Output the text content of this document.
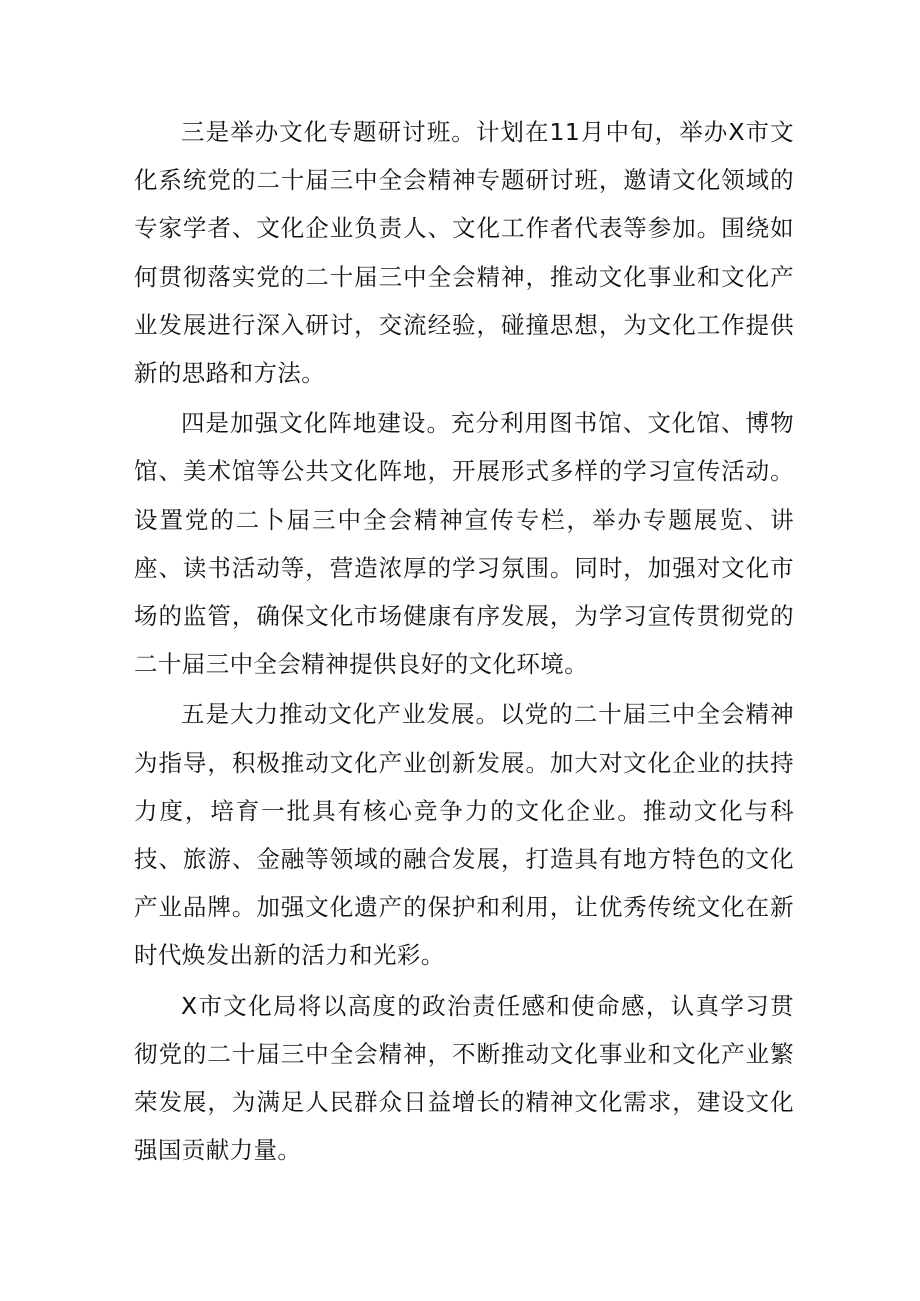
三是举办文化专题研讨班。计划在11月中旬，举办X市文化系统党的二十届三中全会精神专题研讨班，邀请文化领域的专家学者、文化企业负责人、文化工作者代表等参加。围绕如何贯彻落实党的二十届三中全会精神，推动文化事业和文化产业发展进行深入研讨，交流经验，碰撞思想，为文化工作提供新的思路和方法。

四是加强文化阵地建设。充分利用图书馆、文化馆、博物馆、美术馆等公共文化阵地，开展形式多样的学习宣传活动。设置党的二卜届三中全会精神宣传专栏，举办专题展览、讲座、读书活动等，营造浓厚的学习氛围。同时，加强对文化市场的监管，确保文化市场健康有序发展，为学习宣传贯彻党的二十届三中全会精神提供良好的文化环境。

五是大力推动文化产业发展。以党的二十届三中全会精神为指导，积极推动文化产业创新发展。加大对文化企业的扶持力度，培育一批具有核心竞争力的文化企业。推动文化与科技、旅游、金融等领域的融合发展，打造具有地方特色的文化产业品牌。加强文化遗产的保护和利用，让优秀传统文化在新时代焕发出新的活力和光彩。

X市文化局将以高度的政治责任感和使命感，认真学习贯彻党的二十届三中全会精神，不断推动文化事业和文化产业繁荣发展，为满足人民群众日益增长的精神文化需求，建设文化强国贡献力量。
